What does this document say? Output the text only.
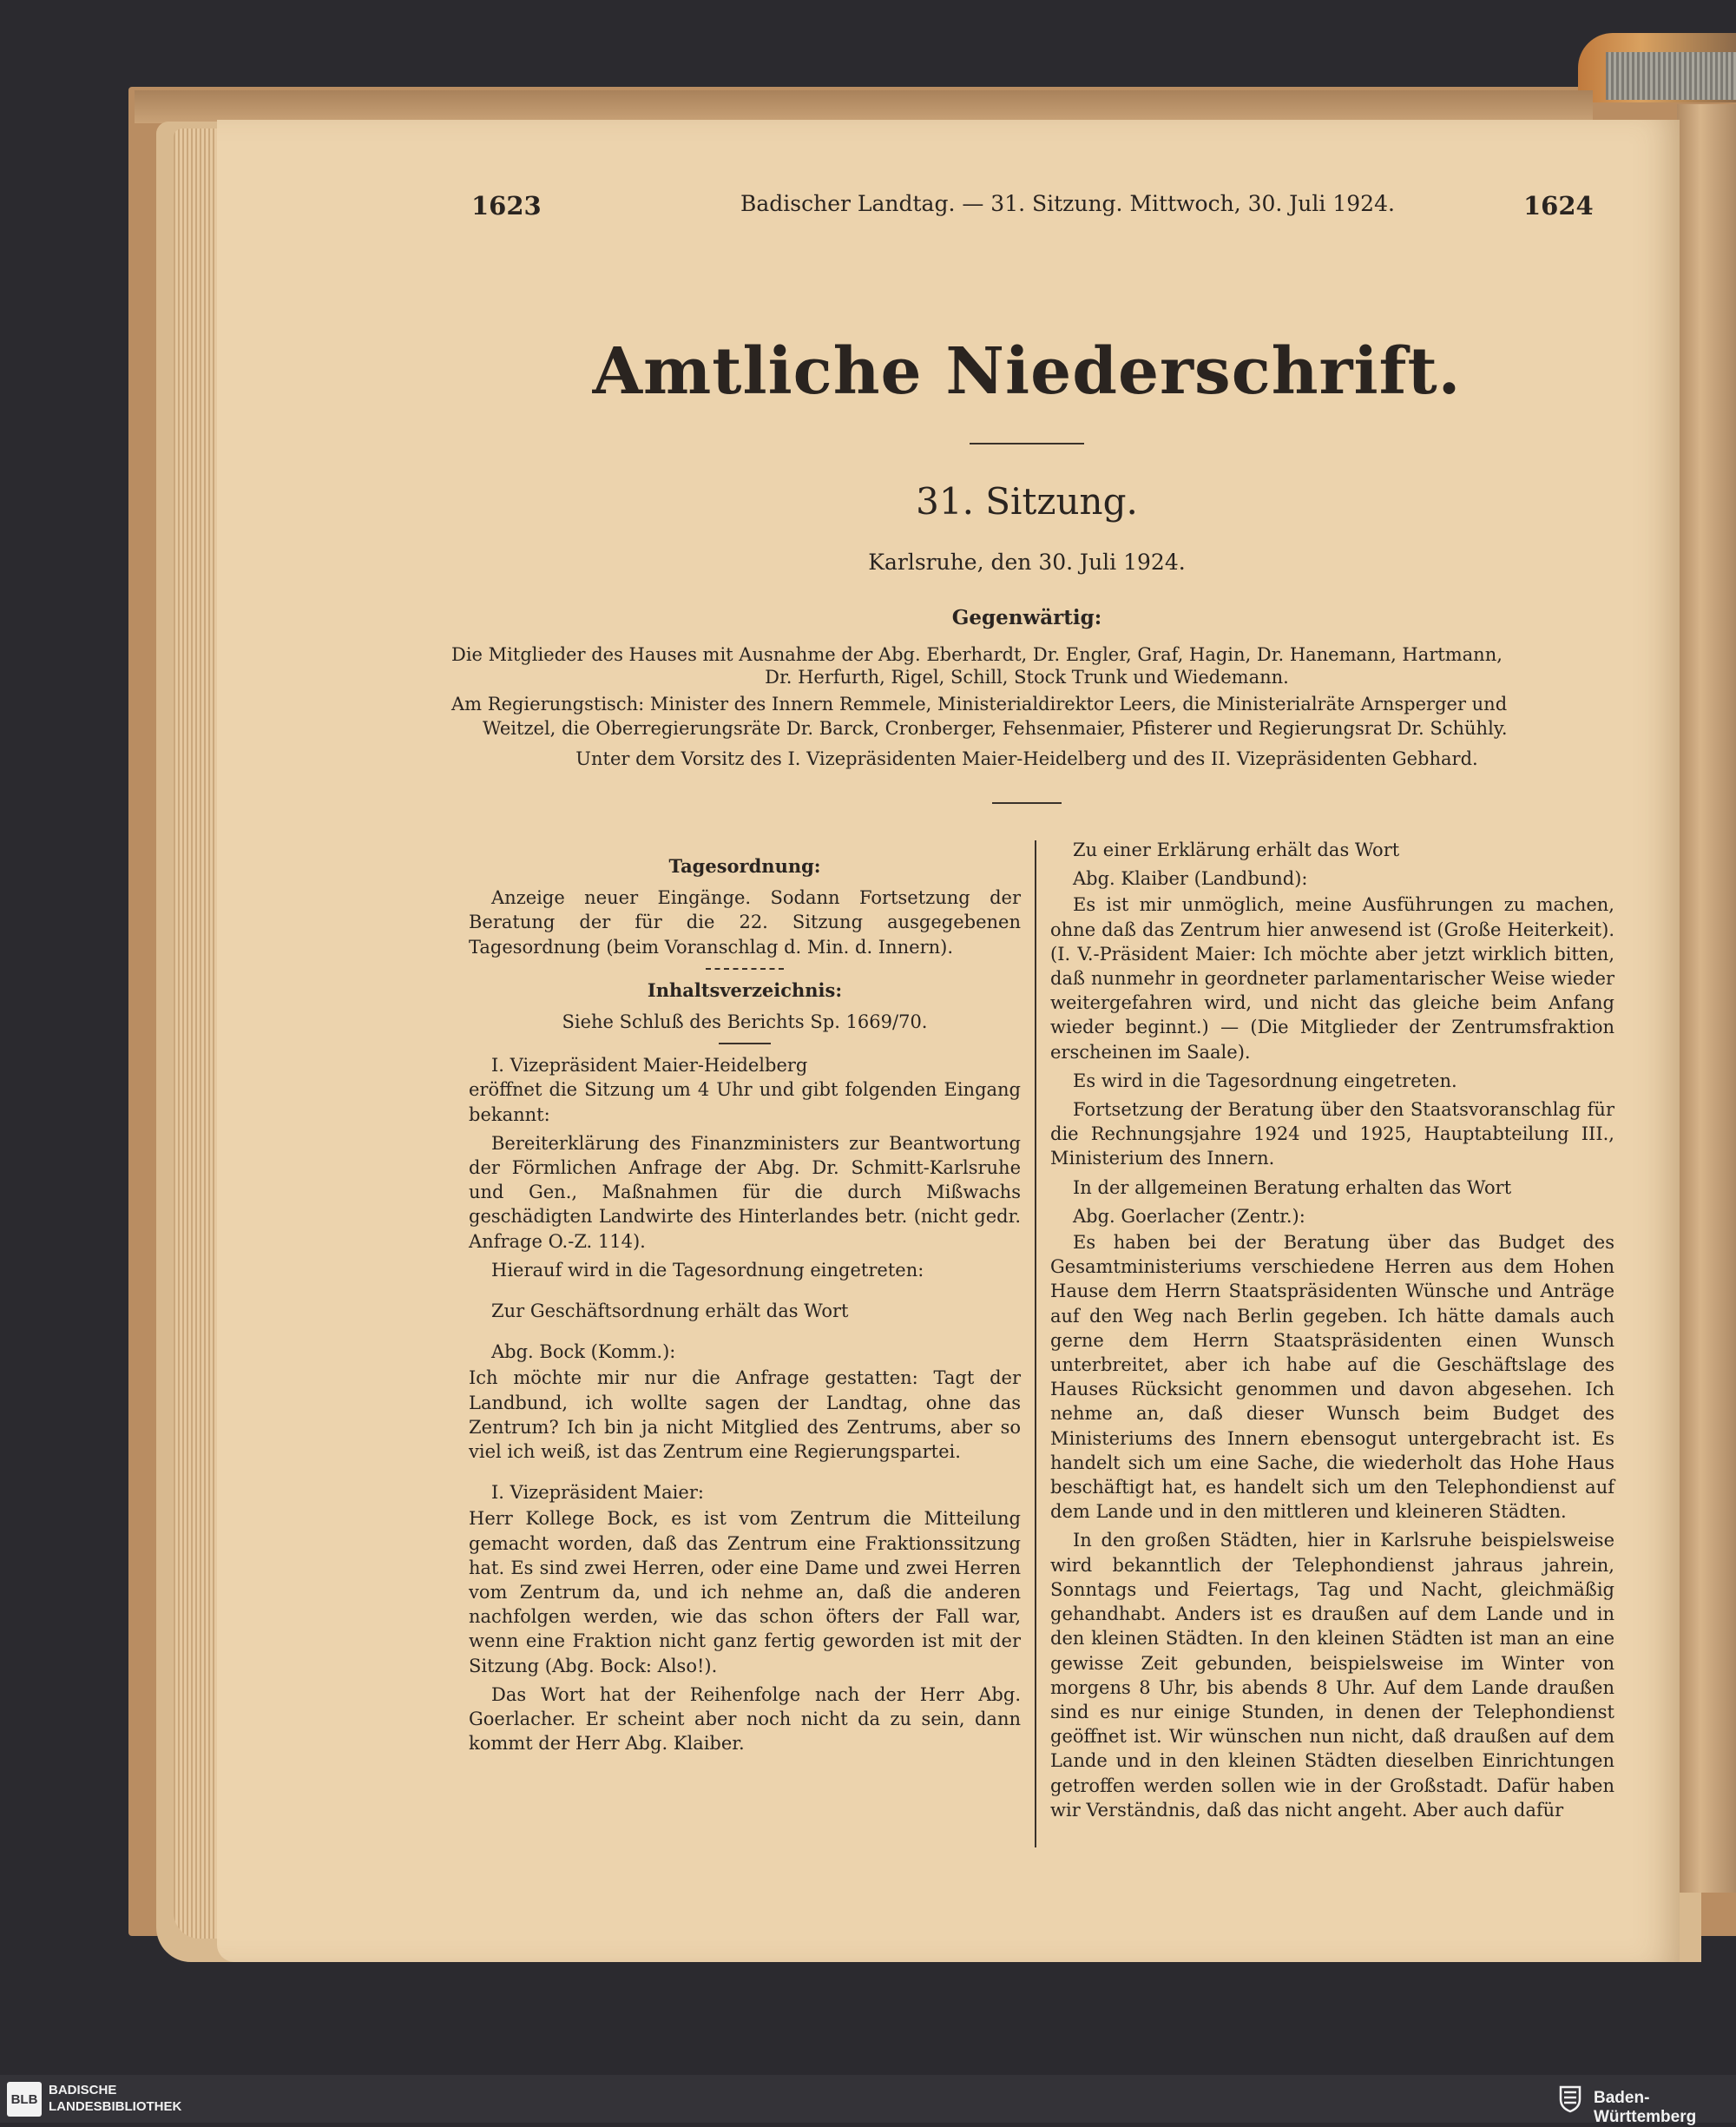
1623	Badischer Landtag. — 31. Sitzung. Mittwoch, 30. Juli 1924.	1624
Amtliche Niederschrift.
31. Sitzung.
Karlsruhe, den 30. Juli 1924.
Gegenwärtig:
Die Mitglieder des Hauses mit Ausnahme der Abg. Eberhardt, Dr. Engler, Graf, Hagin, Dr. Hanemann, Hartmann,
Dr. Herfurth, Rigel, Schill, Stock Trunk und Wiedemann.
Am Regierungstisch: Minister des Innern Remmele, Ministerialdirektor Leers, die Ministerialräte Arnsperger und
Weitzel, die Oberregierungsräte Dr. Barck, Cronberger, Fehsenmaier, Pfisterer und Regierungsrat Dr. Schühly.
Unter dem Vorsitz des I. Vizepräsidenten Maier-Heidelberg und des II. Vizepräsidenten Gebhard.

Tagesordnung:

Anzeige neuer Eingänge. Sodann Fortsetzung der Beratung der für die 22. Sitzung ausgegebenen Tagesordnung (beim Voranschlag d. Min. d. Innern).

Inhaltsverzeichnis:

Siehe Schluß des Berichts Sp. 1669/70.

I. Vizepräsident Maier-Heidelberg

eröffnet die Sitzung um 4 Uhr und gibt folgenden Eingang bekannt:

Bereiterklärung des Finanzministers zur Beantwortung der Förmlichen Anfrage der Abg. Dr. Schmitt-Karlsruhe und Gen., Maßnahmen für die durch Mißwachs geschädigten Landwirte des Hinterlandes betr. (nicht gedr. Anfrage O.-Z. 114).

Hierauf wird in die Tagesordnung eingetreten:

Zur Geschäftsordnung erhält das Wort

Abg. Bock (Komm.):

Ich möchte mir nur die Anfrage gestatten: Tagt der Landbund, ich wollte sagen der Landtag, ohne das Zentrum? Ich bin ja nicht Mitglied des Zentrums, aber so viel ich weiß, ist das Zentrum eine Regierungspartei.

I. Vizepräsident Maier:

Herr Kollege Bock, es ist vom Zentrum die Mitteilung gemacht worden, daß das Zentrum eine Fraktionssitzung hat. Es sind zwei Herren, oder eine Dame und zwei Herren vom Zentrum da, und ich nehme an, daß die anderen nachfolgen werden, wie das schon öfters der Fall war, wenn eine Fraktion nicht ganz fertig geworden ist mit der Sitzung (Abg. Bock: Also!).

Das Wort hat der Reihenfolge nach der Herr Abg. Goerlacher. Er scheint aber noch nicht da zu sein, dann kommt der Herr Abg. Klaiber.

Zu einer Erklärung erhält das Wort

Abg. Klaiber (Landbund):

Es ist mir unmöglich, meine Ausführungen zu machen, ohne daß das Zentrum hier anwesend ist (Große Heiterkeit). (I. V.-Präsident Maier: Ich möchte aber jetzt wirklich bitten, daß nunmehr in geordneter parlamentarischer Weise wieder weitergefahren wird, und nicht das gleiche beim Anfang wieder beginnt.) — (Die Mitglieder der Zentrumsfraktion erscheinen im Saale).

Es wird in die Tagesordnung eingetreten.

Fortsetzung der Beratung über den Staatsvoranschlag für die Rechnungsjahre 1924 und 1925, Hauptabteilung III., Ministerium des Innern.

In der allgemeinen Beratung erhalten das Wort

Abg. Goerlacher (Zentr.):

Es haben bei der Beratung über das Budget des Gesamtministeriums verschiedene Herren aus dem Hohen Hause dem Herrn Staatspräsidenten Wünsche und Anträge auf den Weg nach Berlin gegeben. Ich hätte damals auch gerne dem Herrn Staatspräsidenten einen Wunsch unterbreitet, aber ich habe auf die Geschäftslage des Hauses Rücksicht genommen und davon abgesehen. Ich nehme an, daß dieser Wunsch beim Budget des Ministeriums des Innern ebensogut untergebracht ist. Es handelt sich um eine Sache, die wiederholt das Hohe Haus beschäftigt hat, es handelt sich um den Telephondienst auf dem Lande und in den mittleren und kleineren Städten.

In den großen Städten, hier in Karlsruhe beispielsweise wird bekanntlich der Telephondienst jahraus jahrein, Sonntags und Feiertags, Tag und Nacht, gleichmäßig gehandhabt. Anders ist es draußen auf dem Lande und in den kleinen Städten. In den kleinen Städten ist man an eine gewisse Zeit gebunden, beispielsweise im Winter von morgens 8 Uhr, bis abends 8 Uhr. Auf dem Lande draußen sind es nur einige Stunden, in denen der Telephondienst geöffnet ist. Wir wünschen nun nicht, daß draußen auf dem Lande und in den kleinen Städten dieselben Einrichtungen getroffen werden sollen wie in der Großstadt. Dafür haben wir Verständnis, daß das nicht angeht. Aber auch dafür

BLB
BADISCHE
LANDESBIBLIOTHEK	Baden-Württemberg
